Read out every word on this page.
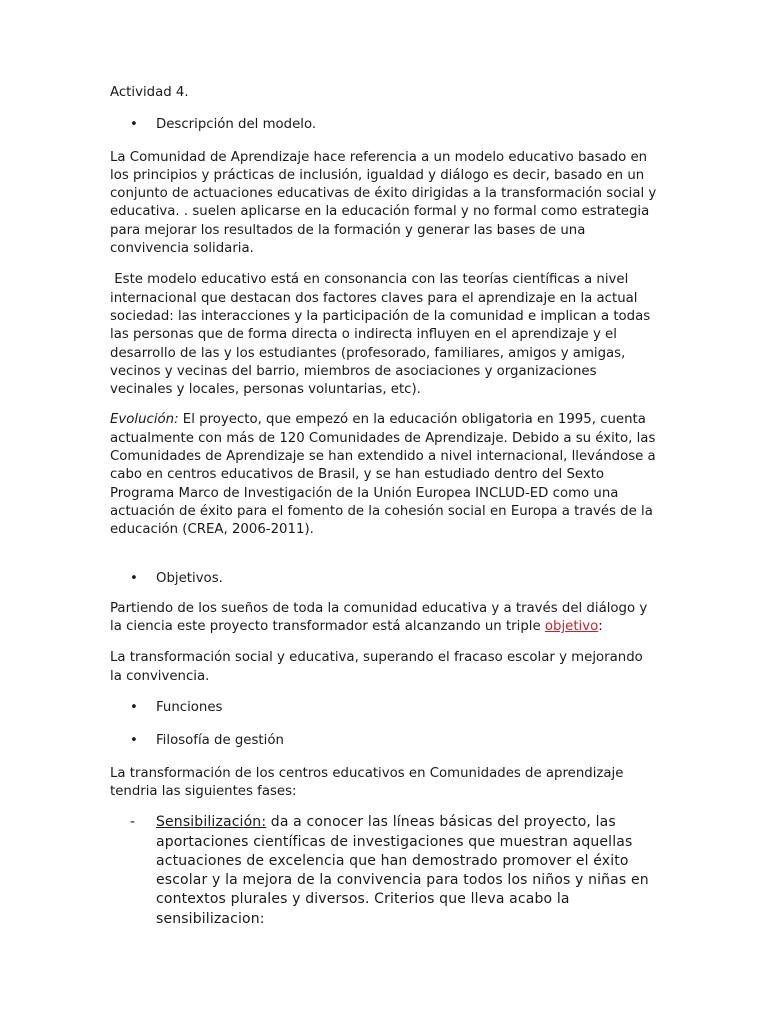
Actividad 4.

• Descripción del modelo.

La Comunidad de Aprendizaje hace referencia a un modelo educativo basado en los principios y prácticas de inclusión, igualdad y diálogo es decir, basado en un conjunto de actuaciones educativas de éxito dirigidas a la transformación social y educativa. . suelen aplicarse en la educación formal y no formal como estrategia para mejorar los resultados de la formación y generar las bases de una convivencia solidaria.

Este modelo educativo está en consonancia con las teorías científicas a nivel internacional que destacan dos factores claves para el aprendizaje en la actual sociedad: las interacciones y la participación de la comunidad e implican a todas las personas que de forma directa o indirecta influyen en el aprendizaje y el desarrollo de las y los estudiantes (profesorado, familiares, amigos y amigas, vecinos y vecinas del barrio, miembros de asociaciones y organizaciones vecinales y locales, personas voluntarias, etc).

Evolución: El proyecto, que empezó en la educación obligatoria en 1995, cuenta actualmente con más de 120 Comunidades de Aprendizaje. Debido a su éxito, las Comunidades de Aprendizaje se han extendido a nivel internacional, llevándose a cabo en centros educativos de Brasil, y se han estudiado dentro del Sexto Programa Marco de Investigación de la Unión Europea INCLUD-ED como una actuación de éxito para el fomento de la cohesión social en Europa a través de la educación (CREA, 2006-2011).

• Objetivos.

Partiendo de los sueños de toda la comunidad educativa y a través del diálogo y la ciencia este proyecto transformador está alcanzando un triple objetivo:

La transformación social y educativa, superando el fracaso escolar y mejorando  la convivencia.

• Funciones
• Filosofía de gestión

La transformación de los centros educativos en Comunidades de aprendizaje tendria las siguientes fases:

- Sensibilización: da a conocer las líneas básicas del proyecto, las aportaciones científicas de investigaciones que muestran aquellas actuaciones de excelencia que han demostrado promover el éxito escolar y la mejora de la convivencia para todos los niños y niñas en contextos plurales y diversos. Criterios que lleva acabo la sensibilizacion:
